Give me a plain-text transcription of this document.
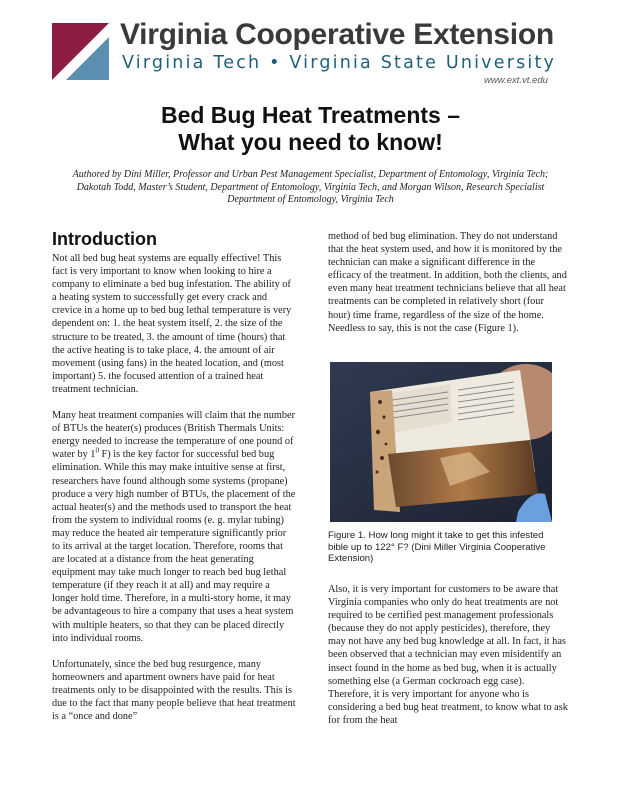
Virginia Cooperative Extension
Virginia Tech • Virginia State University
www.ext.vt.edu
Bed Bug Heat Treatments –
What you need to know!
Authored by Dini Miller, Professor and Urban Pest Management Specialist, Department of Entomology, Virginia Tech; Dakotah Todd, Master’s Student, Department of Entomology, Virginia Tech, and Morgan Wilson, Research Specialist Department of Entomology, Virginia Tech
Introduction

Not all bed bug heat systems are equally effective! This fact is very important to know when looking to hire a company to eliminate a bed bug infestation. The ability of a heating system to successfully get every crack and crevice in a home up to bed bug lethal temperature is very dependent on: 1. the heat system itself, 2. the size of the structure to be treated, 3. the amount of time (hours) that the active heating is to take place, 4. the amount of air movement (using fans) in the heated location, and (most important) 5. the focused attention of a trained heat treatment technician.

Many heat treatment companies will claim that the number of BTUs the heater(s) produces (British Thermals Units: energy needed to increase the temperature of one pound of water by $1^0$ F) is the key factor for successful bed bug elimination. While this may make intuitive sense at first, researchers have found although some systems (propane) produce a very high number of BTUs, the placement of the actual heater(s) and the methods used to transport the heat from the system to individual rooms (e. g. mylar tubing) may reduce the heated air temperature significantly prior to its arrival at the target location. Therefore, rooms that are located at a distance from the heat generating equipment may take much longer to reach bed bug lethal temperature (if they reach it at all) and may require a longer hold time. Therefore, in a multi-story home, it may be advantageous to hire a company that uses a heat system with multiple heaters, so that they can be placed directly into individual rooms.

Unfortunately, since the bed bug resurgence, many homeowners and apartment owners have paid for heat treatments only to be disappointed with the results. This is due to the fact that many people believe that heat treatment is a “once and done”

method of bed bug elimination. They do not understand that the heat system used, and how it is monitored by the technician can make a significant difference in the efficacy of the treatment. In addition, both the clients, and even many heat treatment technicians believe that all heat treatments can be completed in relatively short (four hour) time frame, regardless of the size of the home. Needless to say, this is not the case (Figure 1).

Figure 1. How long might it take to get this infested bible up to 122° F? (Dini Miller Virginia Cooperative Extension)

Also, it is very important for customers to be aware that Virginia companies who only do heat treatments are not required to be certified pest management professionals (because they do not apply pesticides), therefore, they may not have any bed bug knowledge at all. In fact, it has been observed that a technician may even misidentify an insect found in the home as bed bug, when it is actually something else (a German cockroach egg case). Therefore, it is very important for anyone who is considering a bed bug heat treatment, to know what to ask for from the heat
